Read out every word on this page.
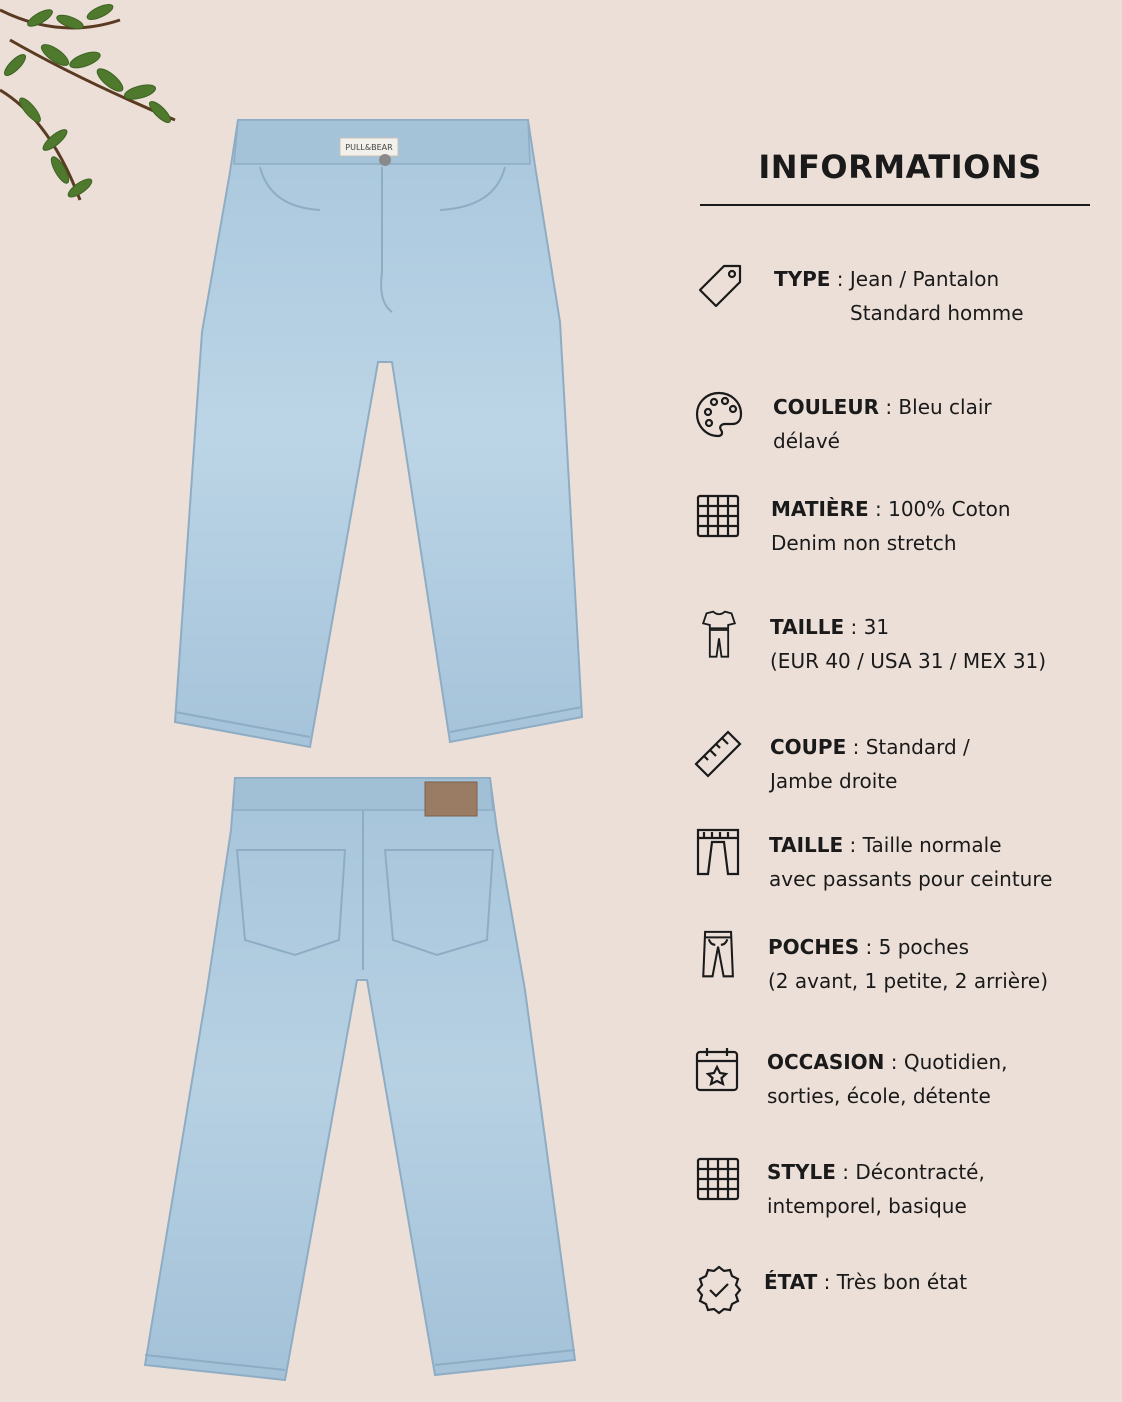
PULL&BEAR
INFORMATIONS
TYPE : Jean / Pantalon
Standard homme
COULEUR : Bleu clair
délavé
MATIÈRE : 100% Coton
Denim non stretch
TAILLE : 31
(EUR 40 / USA 31 / MEX 31)
COUPE : Standard /
Jambe droite
TAILLE : Taille normale
avec passants pour ceinture
POCHES : 5 poches
(2 avant, 1 petite, 2 arrière)
OCCASION : Quotidien,
sorties, école, détente
STYLE : Décontracté,
intemporel, basique
ÉTAT : Très bon état
